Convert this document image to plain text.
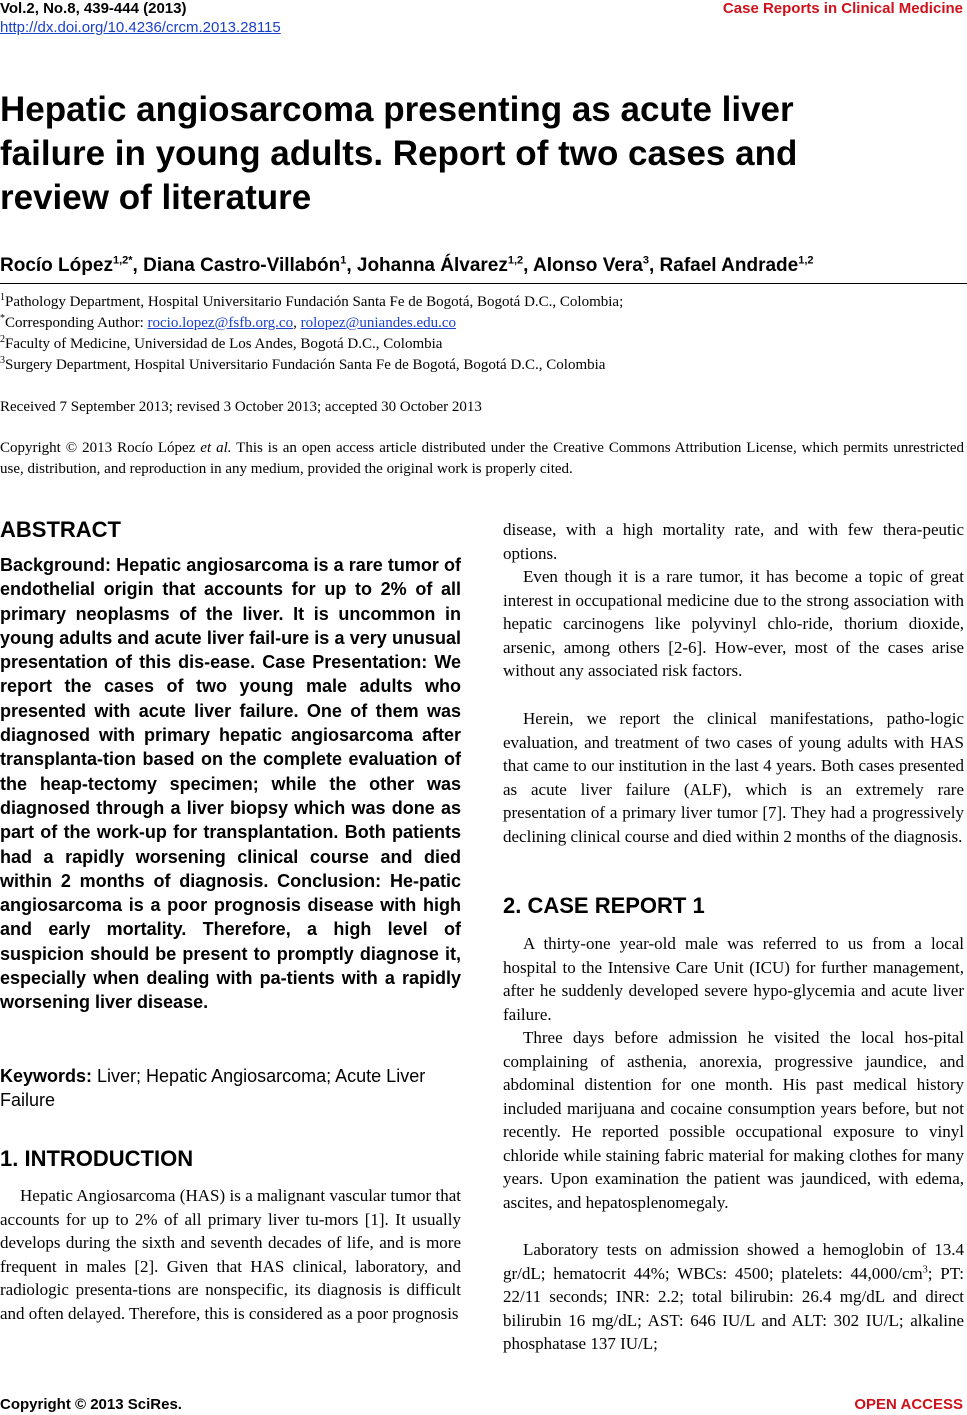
Vol.2, No.8, 439-444 (2013)
http://dx.doi.org/10.4236/crcm.2013.28115
Case Reports in Clinical Medicine
Hepatic angiosarcoma presenting as acute liver failure in young adults. Report of two cases and review of literature
Rocío López$^{1,2*}$, Diana Castro-Villabón$^1$, Johanna Álvarez$^{1,2}$, Alonso Vera$^3$, Rafael Andrade$^{1,2}$
$^1$Pathology Department, Hospital Universitario Fundación Santa Fe de Bogotá, Bogotá D.C., Colombia;
*Corresponding Author: rocio.lopez@fsfb.org.co, rolopez@uniandes.edu.co
$^2$Faculty of Medicine, Universidad de Los Andes, Bogotá D.C., Colombia
$^3$Surgery Department, Hospital Universitario Fundación Santa Fe de Bogotá, Bogotá D.C., Colombia
Received 7 September 2013; revised 3 October 2013; accepted 30 October 2013
Copyright © 2013 Rocío López et al. This is an open access article distributed under the Creative Commons Attribution License, which permits unrestricted use, distribution, and reproduction in any medium, provided the original work is properly cited.
ABSTRACT
Background: Hepatic angiosarcoma is a rare tumor of endothelial origin that accounts for up to 2% of all primary neoplasms of the liver. It is uncommon in young adults and acute liver fail-ure is a very unusual presentation of this dis-ease. Case Presentation: We report the cases of two young male adults who presented with acute liver failure. One of them was diagnosed with primary hepatic angiosarcoma after transplanta-tion based on the complete evaluation of the heap-tectomy specimen; while the other was diagnosed through a liver biopsy which was done as part of the work-up for transplantation. Both patients had a rapidly worsening clinical course and died within 2 months of diagnosis. Conclusion: He-patic angiosarcoma is a poor prognosis disease with high and early mortality. Therefore, a high level of suspicion should be present to promptly diagnose it, especially when dealing with pa-tients with a rapidly worsening liver disease.
Keywords: Liver; Hepatic Angiosarcoma; Acute Liver Failure
1. INTRODUCTION
Hepatic Angiosarcoma (HAS) is a malignant vascular tumor that accounts for up to 2% of all primary liver tu-mors [1]. It usually develops during the sixth and seventh decades of life, and is more frequent in males [2]. Given that HAS clinical, laboratory, and radiologic presenta-tions are nonspecific, its diagnosis is difficult and often delayed. Therefore, this is considered as a poor prognosis
disease, with a high mortality rate, and with few thera-peutic options.
Even though it is a rare tumor, it has become a topic of great interest in occupational medicine due to the strong association with hepatic carcinogens like polyvinyl chlo-ride, thorium dioxide, arsenic, among others [2-6]. How-ever, most of the cases arise without any associated risk factors.
Herein, we report the clinical manifestations, patho-logic evaluation, and treatment of two cases of young adults with HAS that came to our institution in the last 4 years. Both cases presented as acute liver failure (ALF), which is an extremely rare presentation of a primary liver tumor [7]. They had a progressively declining clinical course and died within 2 months of the diagnosis.
2. CASE REPORT 1
A thirty-one year-old male was referred to us from a local hospital to the Intensive Care Unit (ICU) for further management, after he suddenly developed severe hypo-glycemia and acute liver failure.
Three days before admission he visited the local hos-pital complaining of asthenia, anorexia, progressive jaundice, and abdominal distention for one month. His past medical history included marijuana and cocaine consumption years before, but not recently. He reported possible occupational exposure to vinyl chloride while staining fabric material for making clothes for many years. Upon examination the patient was jaundiced, with edema, ascites, and hepatosplenomegaly.
Laboratory tests on admission showed a hemoglobin of 13.4 gr/dL; hematocrit 44%; WBCs: 4500; platelets: $44,000/cm^3$; PT: 22/11 seconds; INR: 2.2; total bilirubin: 26.4 mg/dL and direct bilirubin 16 mg/dL; AST: 646 IU/L and ALT: 302 IU/L; alkaline phosphatase 137 IU/L;
Copyright © 2013 SciRes.	OPEN ACCESS
